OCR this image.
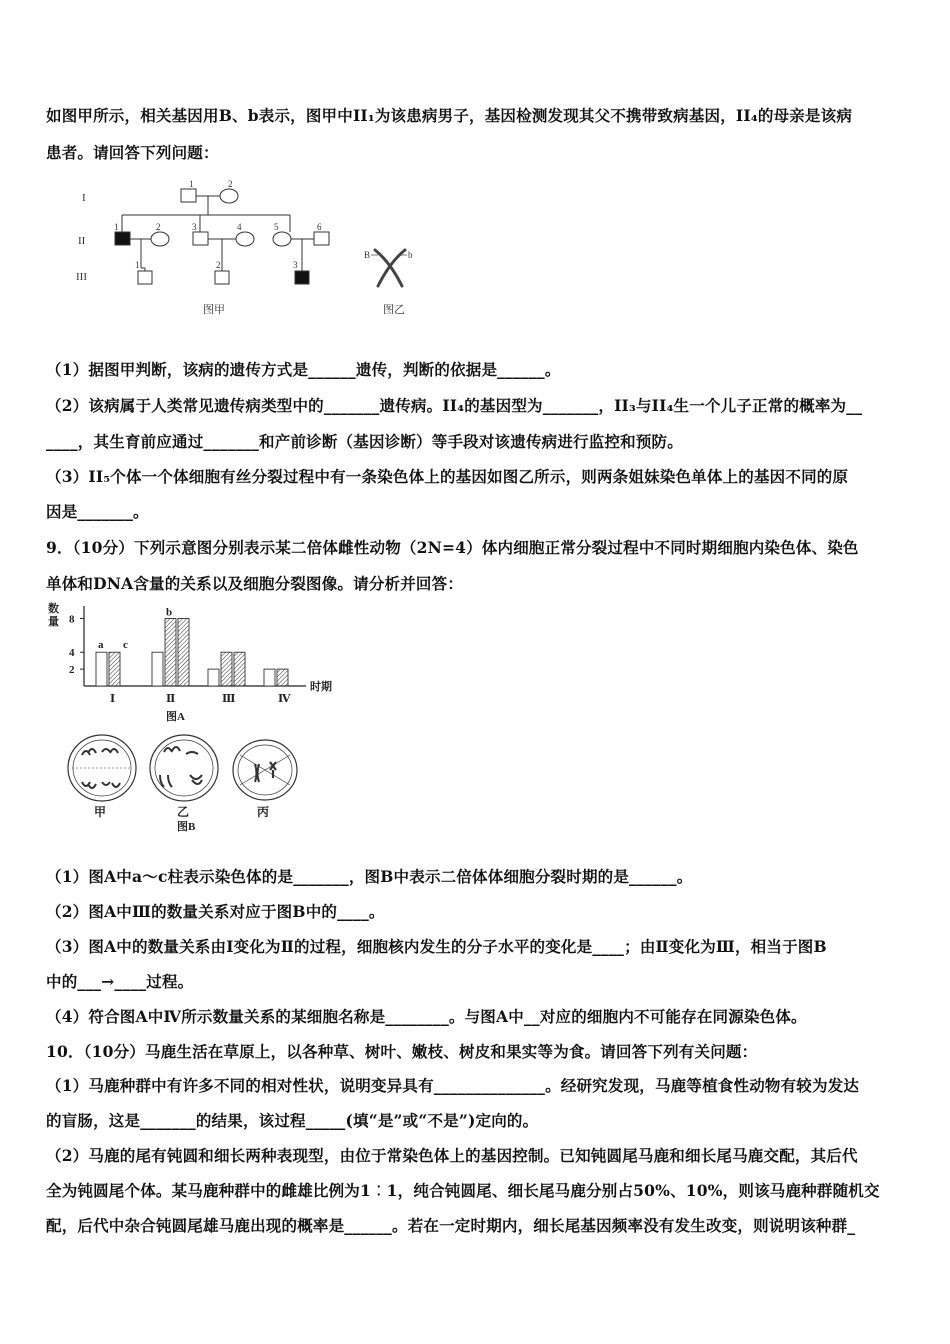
如图甲所示，相关基因用B、b表示，图甲中II₁为该患病男子，基因检测发现其父不携带致病基因，II₄的母亲是该病
患者。请回答下列问题：
I
II
III
1	2
1	2	3	4	5	6
1	2	3
图甲
B	b
图乙
（1）据图甲判断，该病的遗传方式是______遗传，判断的依据是______。
（2）该病属于人类常见遗传病类型中的_______遗传病。II₄的基因型为_______，II₃与II₄生一个儿子正常的概率为__
____，其生育前应通过_______和产前诊断（基因诊断）等手段对该遗传病进行监控和预防。
（3）II₅个体一个体细胞有丝分裂过程中有一条染色体上的基因如图乙所示，则两条姐妹染色单体上的基因不同的原
因是_______。
9．（10分）下列示意图分别表示某二倍体雌性动物（2N=4）体内细胞正常分裂过程中不同时期细胞内染色体、染色
单体和DNA含量的关系以及细胞分裂图像。请分析并回答：
数
量
2
4
8
Ⅰ	Ⅱ	Ⅲ	Ⅳ
a c
b
时期
图A
甲	乙	丙
图B
（1）图A中a～c柱表示染色体的是_______，图B中表示二倍体体细胞分裂时期的是______。
（2）图A中Ⅲ的数量关系对应于图B中的____。
（3）图A中的数量关系由Ⅰ变化为Ⅱ的过程，细胞核内发生的分子水平的变化是____；由Ⅱ变化为Ⅲ，相当于图B
中的___→____过程。
（4）符合图A中Ⅳ所示数量关系的某细胞名称是________。与图A中__对应的细胞内不可能存在同源染色体。
10．（10分）马鹿生活在草原上，以各种草、树叶、嫩枝、树皮和果实等为食。请回答下列有关问题：
（1）马鹿种群中有许多不同的相对性状，说明变异具有______________。经研究发现，马鹿等植食性动物有较为发达
的盲肠，这是_______的结果，该过程_____(填“是”或“不是”)定向的。
（2）马鹿的尾有钝圆和细长两种表现型，由位于常染色体上的基因控制。已知钝圆尾马鹿和细长尾马鹿交配，其后代
全为钝圆尾个体。某马鹿种群中的雌雄比例为1︰1，纯合钝圆尾、细长尾马鹿分别占50%、10%，则该马鹿种群随机交
配，后代中杂合钝圆尾雄马鹿出现的概率是______。若在一定时期内，细长尾基因频率没有发生改变，则说明该种群_
